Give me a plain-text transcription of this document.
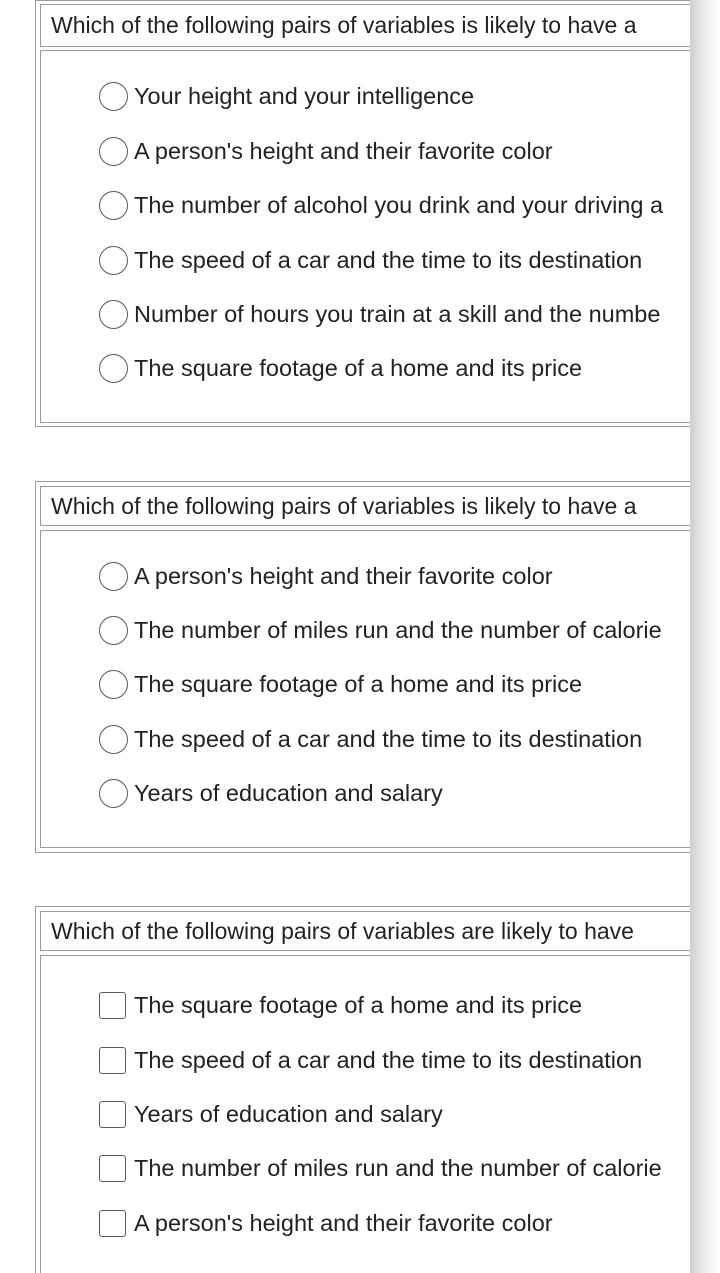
Which of the following pairs of variables is likely to have a
Your height and your intelligence
A person's height and their favorite color
The number of alcohol you drink and your driving a
The speed of a car and the time to its destination
Number of hours you train at a skill and the numbe
The square footage of a home and its price
Which of the following pairs of variables is likely to have a
A person's height and their favorite color
The number of miles run and the number of calorie
The square footage of a home and its price
The speed of a car and the time to its destination
Years of education and salary
Which of the following pairs of variables are likely to have
The square footage of a home and its price
The speed of a car and the time to its destination
Years of education and salary
The number of miles run and the number of calorie
A person's height and their favorite color
